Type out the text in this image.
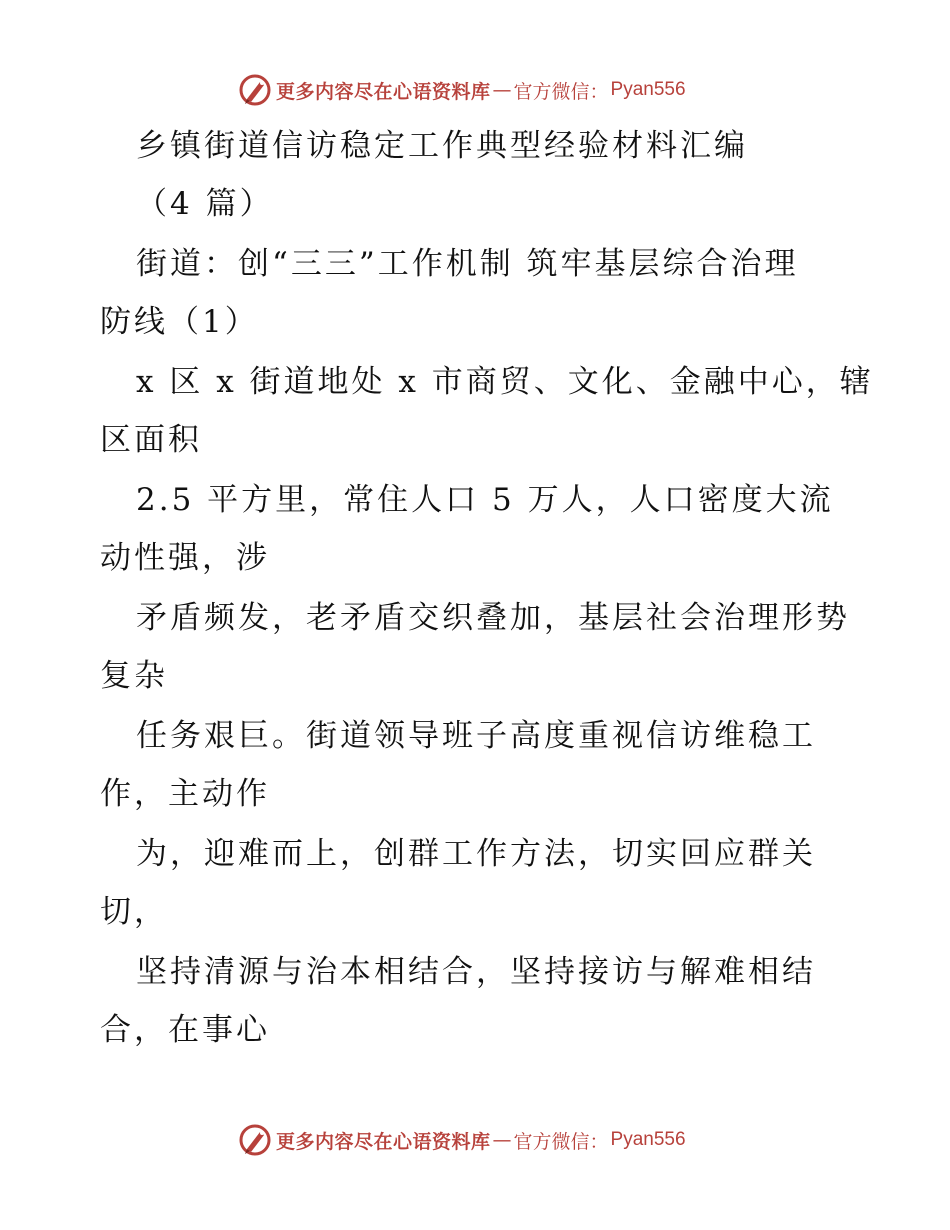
更多内容尽在心语资料库 — 官方微信： Pyan556
乡镇街道信访稳定工作典型经验材料汇编
（4 篇）
街道：创“三三”工作机制 筑牢基层综合治理
防线（1）
x 区 x 街道地处 x 市商贸、文化、金融中心，辖
区面积
2.5 平方里，常住人口 5 万人，人口密度大流
动性强，涉
矛盾频发，老矛盾交织叠加，基层社会治理形势
复杂
任务艰巨。街道领导班子高度重视信访维稳工
作，主动作
为，迎难而上，创群工作方法，切实回应群关
切，
坚持清源与治本相结合，坚持接访与解难相结
合，在事心
更多内容尽在心语资料库 — 官方微信： Pyan556
